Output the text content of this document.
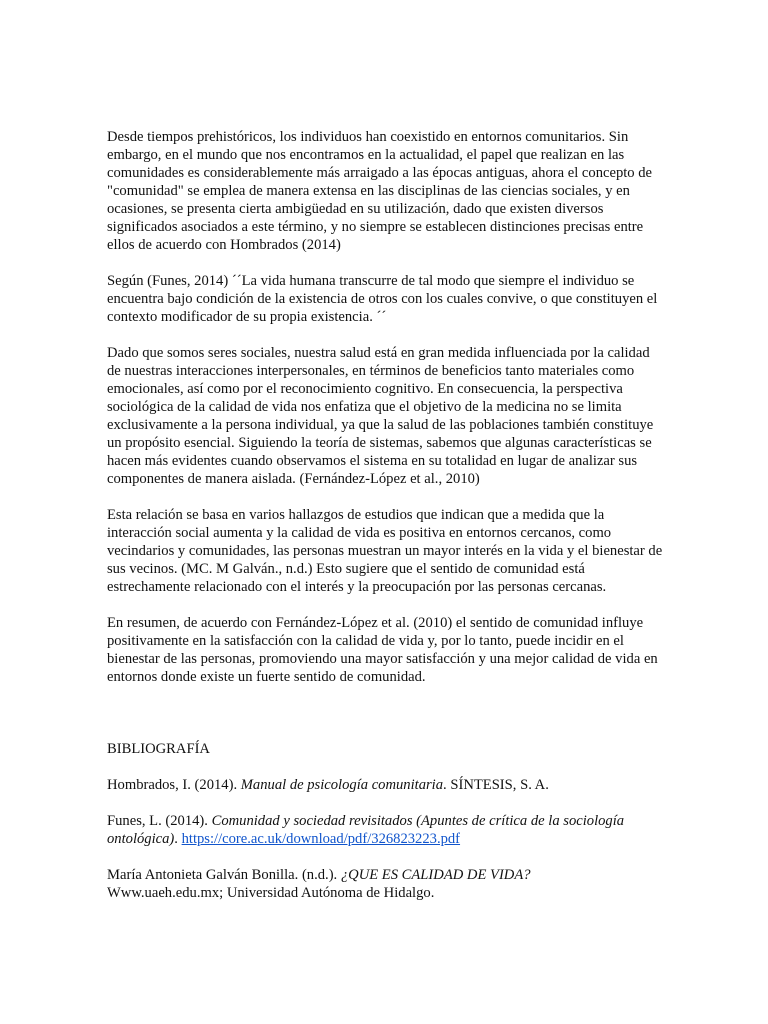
Desde tiempos prehistóricos, los individuos han coexistido en entornos comunitarios. Sin embargo, en el mundo que nos encontramos en la actualidad, el papel que realizan en las comunidades es considerablemente más arraigado a las épocas antiguas, ahora el concepto de "comunidad" se emplea de manera extensa en las disciplinas de las ciencias sociales, y en ocasiones, se presenta cierta ambigüedad en su utilización, dado que existen diversos significados asociados a este término, y no siempre se establecen distinciones precisas entre ellos de acuerdo con Hombrados (2014)

Según (Funes, 2014) ´´La vida humana transcurre de tal modo que siempre el individuo se encuentra bajo condición de la existencia de otros con los cuales convive, o que constituyen el contexto modificador de su propia existencia. ´´

Dado que somos seres sociales, nuestra salud está en gran medida influenciada por la calidad de nuestras interacciones interpersonales, en términos de beneficios tanto materiales como emocionales, así como por el reconocimiento cognitivo. En consecuencia, la perspectiva sociológica de la calidad de vida nos enfatiza que el objetivo de la medicina no se limita exclusivamente a la persona individual, ya que la salud de las poblaciones también constituye un propósito esencial. Siguiendo la teoría de sistemas, sabemos que algunas características se hacen más evidentes cuando observamos el sistema en su totalidad en lugar de analizar sus componentes de manera aislada. (Fernández-López et al., 2010)

Esta relación se basa en varios hallazgos de estudios que indican que a medida que la interacción social aumenta y la calidad de vida es positiva en entornos cercanos, como vecindarios y comunidades, las personas muestran un mayor interés en la vida y el bienestar de sus vecinos. (MC. M Galván., n.d.) Esto sugiere que el sentido de comunidad está estrechamente relacionado con el interés y la preocupación por las personas cercanas.

En resumen, de acuerdo con Fernández-López et al. (2010) el sentido de comunidad influye positivamente en la satisfacción con la calidad de vida y, por lo tanto, puede incidir en el bienestar de las personas, promoviendo una mayor satisfacción y una mejor calidad de vida en entornos donde existe un fuerte sentido de comunidad.

BIBLIOGRAFÍA

Hombrados, I. (2014). Manual de psicología comunitaria. SÍNTESIS, S. A.

Funes, L. (2014). Comunidad y sociedad revisitados (Apuntes de crítica de la sociología ontológica). https://core.ac.uk/download/pdf/326823223.pdf

María Antonieta Galván Bonilla. (n.d.). ¿QUE ES CALIDAD DE VIDA?
Www.uaeh.edu.mx; Universidad Autónoma de Hidalgo.
